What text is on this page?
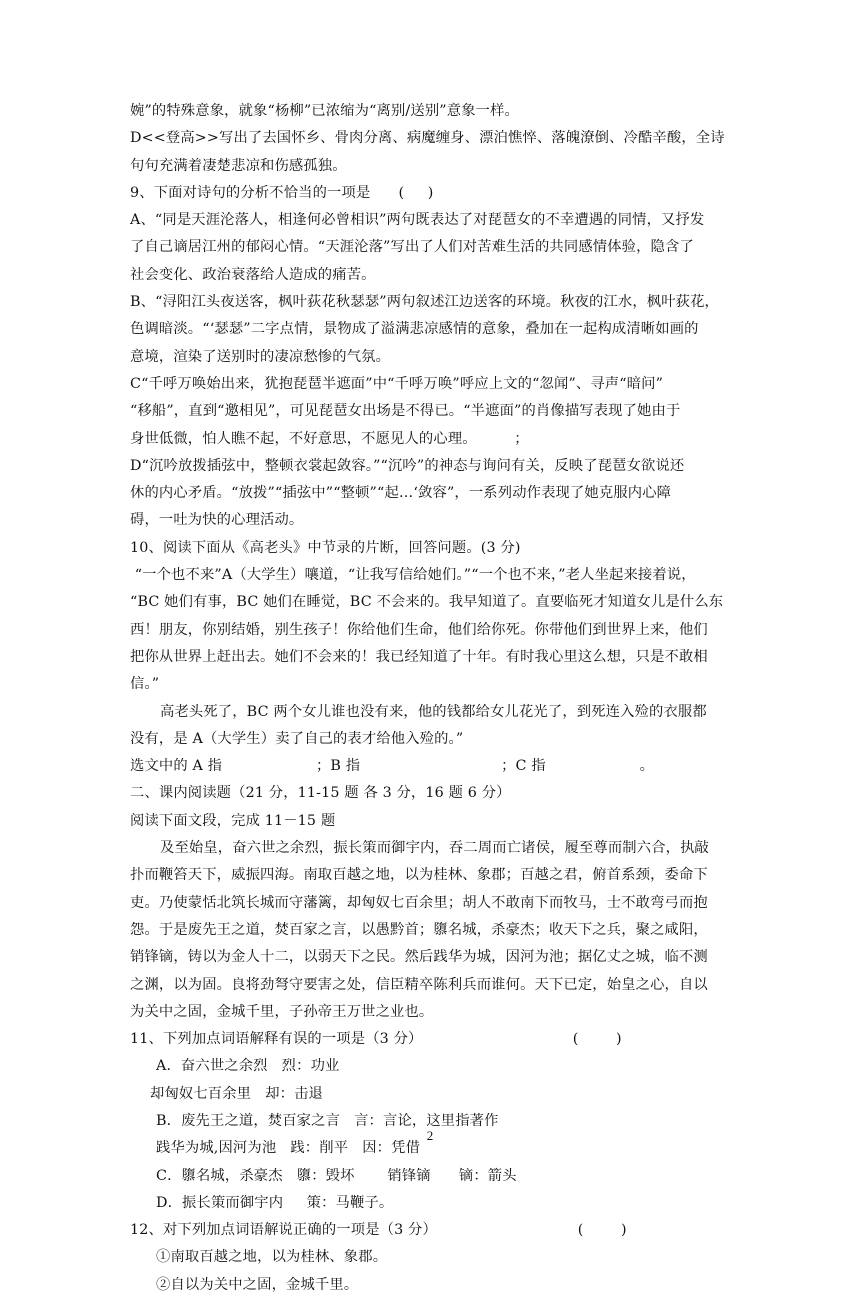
婉”的特殊意象，就象“杨柳”已浓缩为“离别/送别”意象一样。

D<<登高>>写出了去国怀乡、骨肉分离、病魔缠身、漂泊憔悴、落魄潦倒、冷酷辛酸，全诗

句句充满着凄楚悲凉和伤感孤独。

9、下面对诗句的分析不恰当的一项是      (     )

A、“同是天涯沦落人，相逢何必曾相识”两句既表达了对琵琶女的不幸遭遇的同情，又抒发

了自己谪居江州的郁闷心情。“天涯沦落”写出了人们对苦难生活的共同感情体验，隐含了

社会变化、政治衰落给人造成的痛苦。

B、“浔阳江头夜送客，枫叶荻花秋瑟瑟”两句叙述江边送客的环境。秋夜的江水，枫叶荻花，

色调暗淡。“‘瑟瑟”二字点情，景物成了溢满悲凉感情的意象，叠加在一起构成清晰如画的

意境，渲染了送别时的凄凉愁惨的气氛。

C“千呼万唤始出来，犹抱琵琶半遮面”中“千呼万唤”呼应上文的“忽闻”、寻声“暗问”

“移船”，直到“邀相见”，可见琵琶女出场是不得已。“半遮面”的肖像描写表现了她由于

身世低微，怕人瞧不起，不好意思，不愿见人的心理。        ；

D“沉吟放拨插弦中，整顿衣裳起敛容。”“沉吟”的神态与询问有关，反映了琵琶女欲说还

休的内心矛盾。“放拨”“插弦中”“整顿”“起…‘敛容”，一系列动作表现了她克服内心障

碍，一吐为快的心理活动。

10、阅读下面从《高老头》中节录的片断，回答问题。(3 分)

“一个也不来”A（大学生）嚷道，“让我写信给她们。”“一个也不来，”老人坐起来接着说，

“BC 她们有事，BC 她们在睡觉，BC 不会来的。我早知道了。直要临死才知道女儿是什么东

西！朋友，你别结婚，别生孩子！你给他们生命，他们给你死。你带他们到世界上来，他们

把你从世界上赶出去。她们不会来的！我已经知道了十年。有时我心里这么想，只是不敢相

信。”

高老头死了，BC 两个女儿谁也没有来，他的钱都给女儿花光了，到死连入殓的衣服都

没有，是 A（大学生）卖了自己的表才给他入殓的。”

选文中的 A 指                    ；B 指                              ；C 指                    。

二、课内阅读题（21 分，11-15 题 各 3 分，16 题 6 分）

阅读下面文段，完成 11－15 题

及至始皇，奋六世之余烈，振长策而御宇内，吞二周而亡诸侯，履至尊而制六合，执敲

扑而鞭笞天下，威振四海。南取百越之地，以为桂林、象郡；百越之君，俯首系颈，委命下

吏。乃使蒙恬北筑长城而守藩篱，却匈奴七百余里；胡人不敢南下而牧马，士不敢弯弓而抱

怨。于是废先王之道，焚百家之言，以愚黔首；隳名城，杀豪杰；收天下之兵，聚之咸阳，

销锋镝，铸以为金人十二，以弱天下之民。然后践华为城，因河为池；据亿丈之城，临不测

之渊，以为固。良将劲弩守要害之处，信臣精卒陈利兵而谁何。天下已定，始皇之心，自以

为关中之固，金城千里，子孙帝王万世之业也。

11、下列加点词语解释有误的一项是（3 分）                                (        )

A．奋六世之余烈   烈：功业

却匈奴七百余里   却：击退

B．废先王之道，焚百家之言   言：言论，这里指著作

践华为城,因河为池   践：削平   因：凭借

C．隳名城，杀豪杰   隳：毁坏       销锋镝      镝：箭头

D．振长策而御宇内     策：马鞭子。

12、对下列加点词语解说正确的一项是（3 分）                              (        )

①南取百越之地，以为桂林、象郡。

②自以为关中之固，金城千里。

2
